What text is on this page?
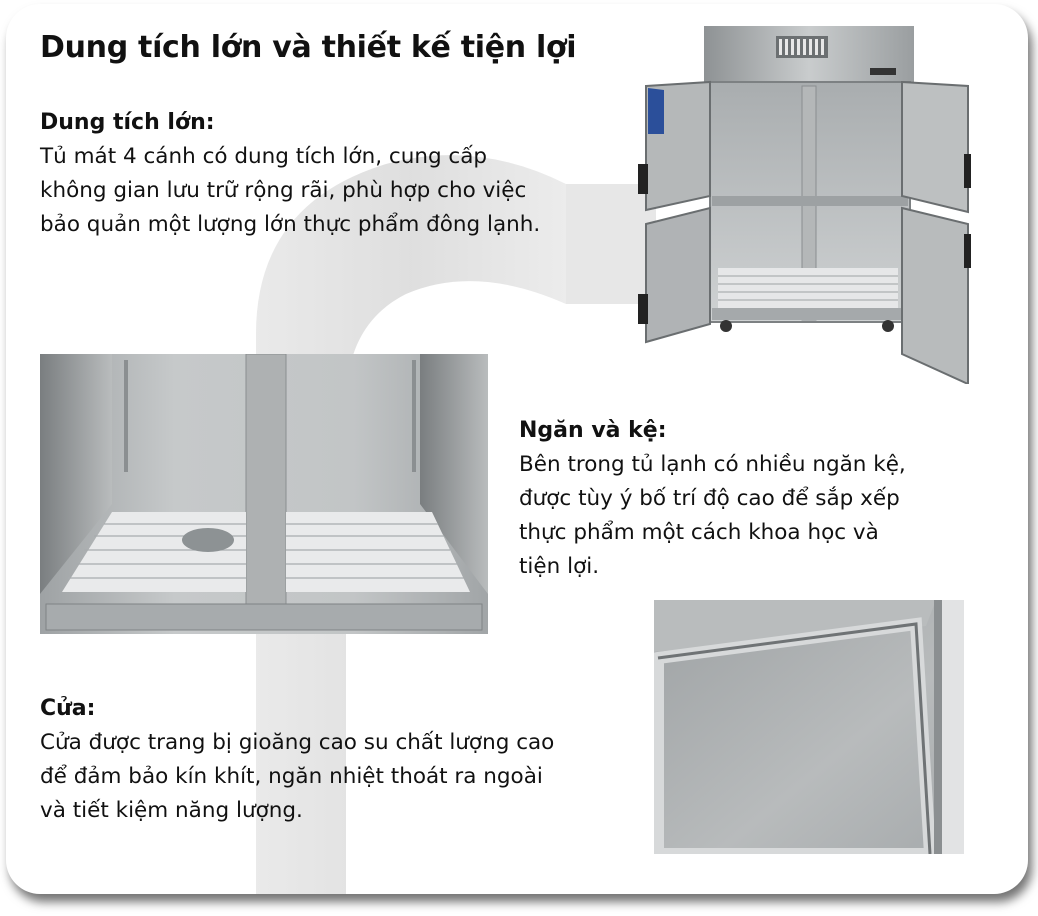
Dung tích lớn và thiết kế tiện lợi
Dung tích lớn:
Tủ mát 4 cánh có dung tích lớn, cung cấp
không gian lưu trữ rộng rãi, phù hợp cho việc
bảo quản một lượng lớn thực phẩm đông lạnh.
Ngăn và kệ:
Bên trong tủ lạnh có nhiều ngăn kệ,
được tùy ý bố trí độ cao để sắp xếp
thực phẩm một cách khoa học và
tiện lợi.
Cửa:
Cửa được trang bị gioăng cao su chất lượng cao
để đảm bảo kín khít, ngăn nhiệt thoát ra ngoài
và tiết kiệm năng lượng.
